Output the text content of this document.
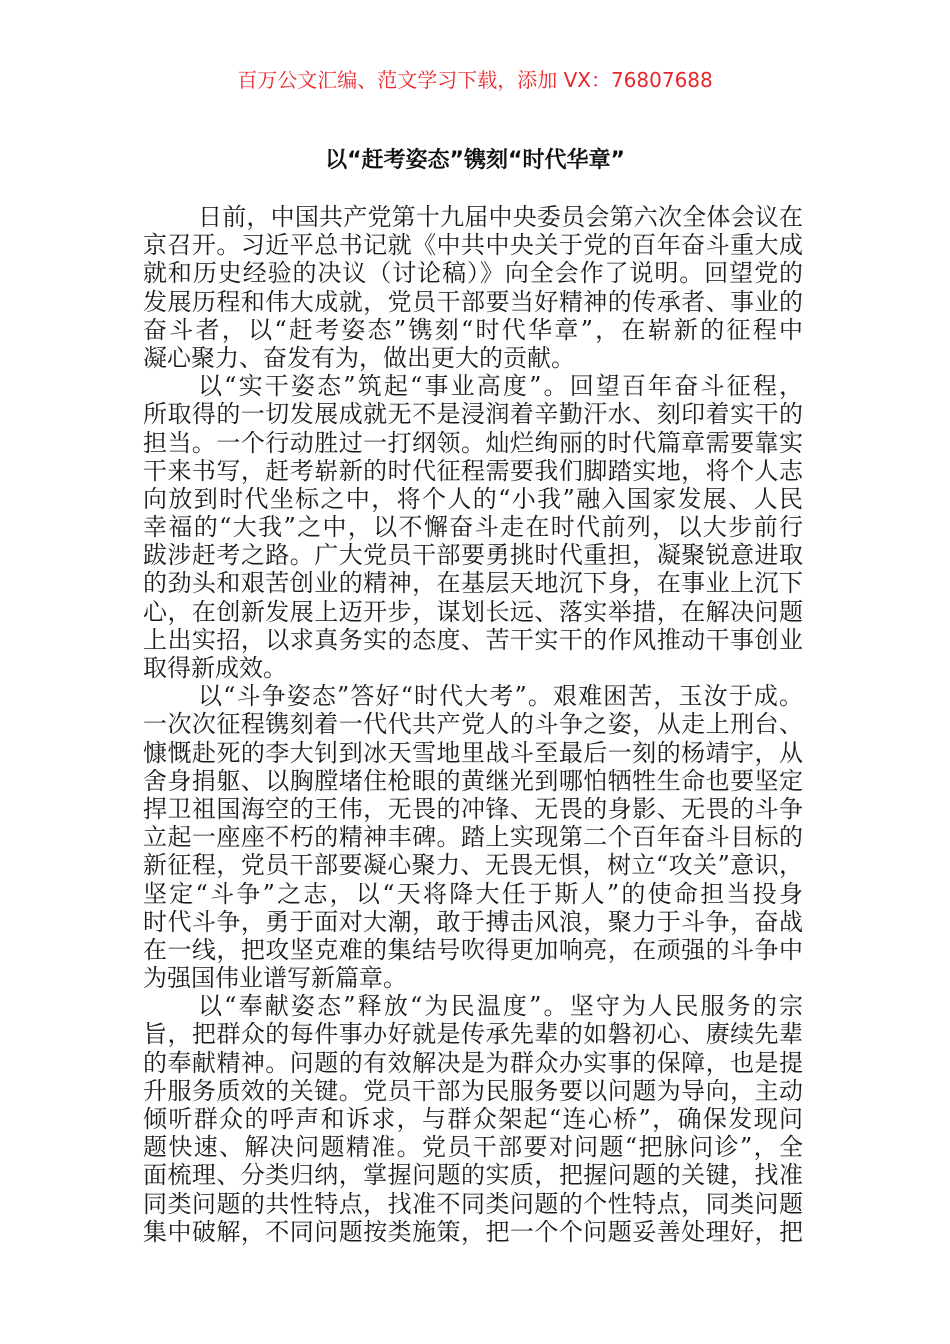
百万公文汇编、范文学习下载，添加 VX：76807688
以“赶考姿态”镌刻“时代华章”
日前，中国共产党第十九届中央委员会第六次全体会议在
京召开。习近平总书记就《中共中央关于党的百年奋斗重大成
就和历史经验的决议（讨论稿）》向全会作了说明。回望党的
发展历程和伟大成就，党员干部要当好精神的传承者、事业的
奋斗者，以“赶考姿态”镌刻“时代华章”，在崭新的征程中
凝心聚力、奋发有为，做出更大的贡献。
以“实干姿态”筑起“事业高度”。回望百年奋斗征程，
所取得的一切发展成就无不是浸润着辛勤汗水、刻印着实干的
担当。一个行动胜过一打纲领。灿烂绚丽的时代篇章需要靠实
干来书写，赶考崭新的时代征程需要我们脚踏实地，将个人志
向放到时代坐标之中，将个人的“小我”融入国家发展、人民
幸福的“大我”之中，以不懈奋斗走在时代前列，以大步前行
跋涉赶考之路。广大党员干部要勇挑时代重担，凝聚锐意进取
的劲头和艰苦创业的精神，在基层天地沉下身，在事业上沉下
心，在创新发展上迈开步，谋划长远、落实举措，在解决问题
上出实招，以求真务实的态度、苦干实干的作风推动干事创业
取得新成效。
以“斗争姿态”答好“时代大考”。艰难困苦，玉汝于成。
一次次征程镌刻着一代代共产党人的斗争之姿，从走上刑台、
慷慨赴死的李大钊到冰天雪地里战斗至最后一刻的杨靖宇，从
舍身捐躯、以胸膛堵住枪眼的黄继光到哪怕牺牲生命也要坚定
捍卫祖国海空的王伟，无畏的冲锋、无畏的身影、无畏的斗争
立起一座座不朽的精神丰碑。踏上实现第二个百年奋斗目标的
新征程，党员干部要凝心聚力、无畏无惧，树立“攻关”意识，
坚定“斗争”之志，以“天将降大任于斯人”的使命担当投身
时代斗争，勇于面对大潮，敢于搏击风浪，聚力于斗争，奋战
在一线，把攻坚克难的集结号吹得更加响亮，在顽强的斗争中
为强国伟业谱写新篇章。
以“奉献姿态”释放“为民温度”。坚守为人民服务的宗
旨，把群众的每件事办好就是传承先辈的如磐初心、赓续先辈
的奉献精神。问题的有效解决是为群众办实事的保障，也是提
升服务质效的关键。党员干部为民服务要以问题为导向，主动
倾听群众的呼声和诉求，与群众架起“连心桥”，确保发现问
题快速、解决问题精准。党员干部要对问题“把脉问诊”，全
面梳理、分类归纳，掌握问题的实质，把握问题的关键，找准
同类问题的共性特点，找准不同类问题的个性特点，同类问题
集中破解，不同问题按类施策，把一个个问题妥善处理好，把
